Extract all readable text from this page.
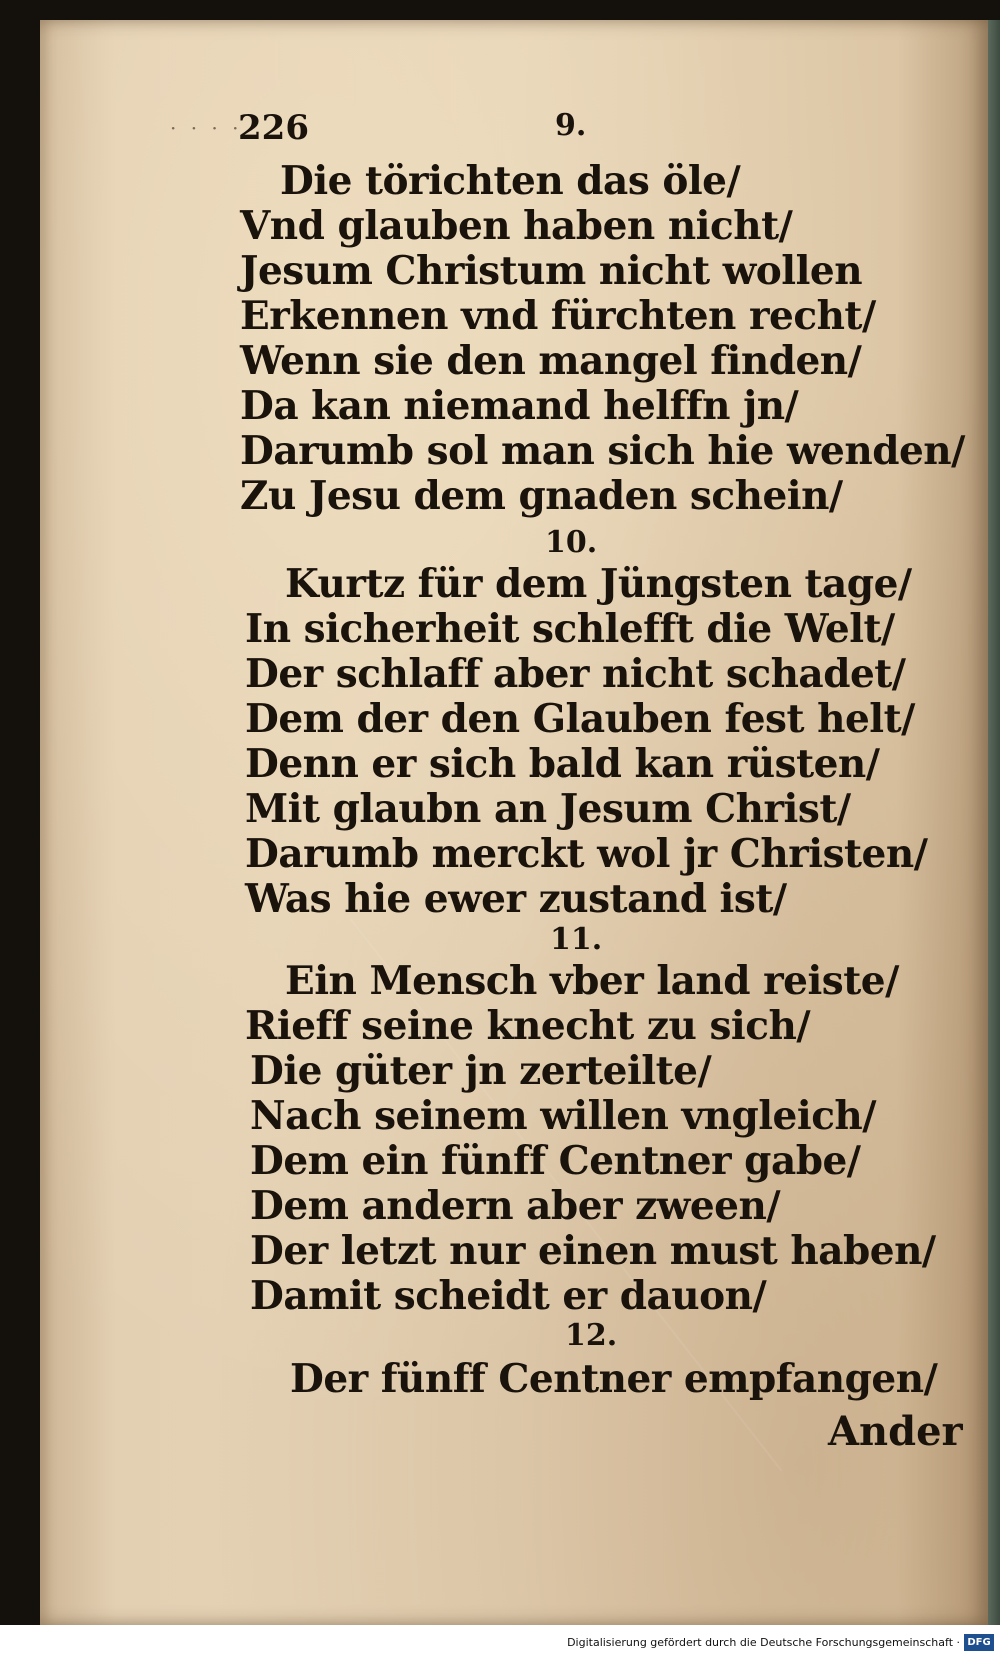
· · · ·
226	9.
Die törichten das öle/
Vnd glauben haben nicht/
Jesum Christum nicht wollen
Erkennen vnd fürchten recht/
Wenn sie den mangel finden/
Da kan niemand helffn jn/
Darumb sol man sich hie wenden/
Zu Jesu dem gnaden schein/
10.
Kurtz für dem Jüngsten tage/
In sicherheit schlefft die Welt/
Der schlaff aber nicht schadet/
Dem der den Glauben fest helt/
Denn er sich bald kan rüsten/
Mit glaubn an Jesum Christ/
Darumb merckt wol jr Christen/
Was hie ewer zustand ist/
11.
Ein Mensch vber land reiste/
Rieff seine knecht zu sich/
Die güter jn zerteilte/
Nach seinem willen vngleich/
Dem ein fünff Centner gabe/
Dem andern aber zween/
Der letzt nur einen must haben/
Damit scheidt er dauon/
12.
Der fünff Centner empfangen/
Ander
Digitalisierung gefördert durch die Deutsche Forschungsgemeinschaft · DFG
